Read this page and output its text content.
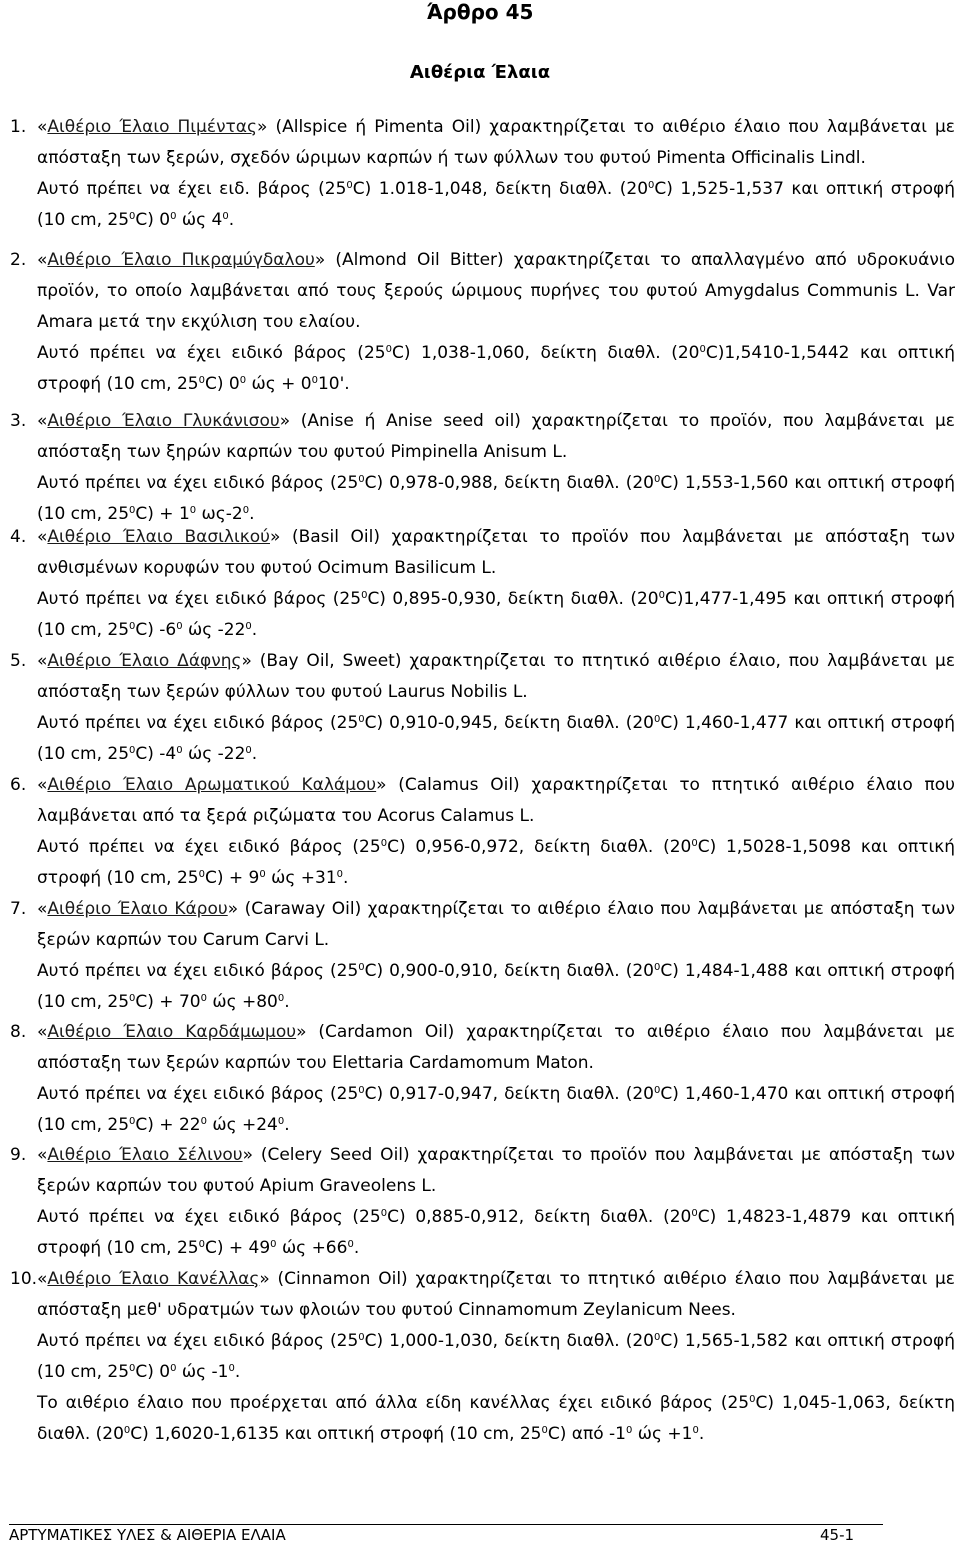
Άρθρο 45
Αιθέρια Έλαια

1. «Αιθέριο Έλαιο Πιμέντας» (Allspice ή Pimenta Oil) χαρακτηρίζεται το αιθέριο έλαιο που λαμβάνεται με απόσταξη των ξερών, σχεδόν ώριμων καρπών ή των φύλλων του φυτού Pimenta Officinalis Lindl.

Αυτό πρέπει να έχει ειδ. βάρος $(25^0C)$ 1.018-1,048, δείκτη διαθλ. $(20^0C)$ 1,525-1,537 και οπτική στροφή (10 cm, $25^0C$) $0^0$ ώς $4^0$.

2. «Αιθέριο Έλαιο Πικραμύγδαλου» (Almond Oil Bitter) χαρακτηρίζεται το απαλλαγμένο από υδροκυάνιο προϊόν, το οποίο λαμβάνεται από τους ξερούς ώριμους πυρήνες του φυτού Amygdalus Communis L. Var Amara μετά την εκχύλιση του ελαίου.

Αυτό πρέπει να έχει ειδικό βάρος $(25^0C)$ 1,038-1,060, δείκτη διαθλ. $(20^0C)1,5410-1,5442$ και οπτική στροφή (10 cm, $25^0C$) $0^0$ $ώ\varsigma + 0^010'$.

3. «Αιθέριο Έλαιο Γλυκάνισου» (Anise ή Anise seed oil) χαρακτηρίζεται το προϊόν, που λαμβάνεται με απόσταξη των ξηρών καρπών του φυτού Pimpinella Anisum L.

Αυτό πρέπει να έχει ειδικό βάρος $(25^0C)$ 0,978-0,988, δείκτη διαθλ. $(20^0C)$ 1,553-1,560 και οπτική στροφή (10 cm, $25^0C) + 1^0$ $\omega\varsigma-2^0$.

4. «Αιθέριο Έλαιο Βασιλικού» (Basil Oil) χαρακτηρίζεται το προϊόν που λαμβάνεται με απόσταξη των ανθισμένων κορυφών του φυτού Ocimum Basilicum L.

Αυτό πρέπει να έχει ειδικό βάρος $(25^0C)$ 0,895-0,930, δείκτη διαθλ. $(20^0C)1,477-1,495$ και οπτική στροφή (10 cm, $25^0C$) $-6^0$ ώς $-22^0$.

5. «Αιθέριο Έλαιο Δάφνης» (Bay Oil, Sweet) χαρακτηρίζεται το πτητικό αιθέριο έλαιο, που λαμβάνεται με απόσταξη των ξερών φύλλων του φυτού Laurus Nobilis L.

Αυτό πρέπει να έχει ειδικό βάρος $(25^0C)$ 0,910-0,945, δείκτη διαθλ. $(20^0C)$ 1,460-1,477 και οπτική στροφή (10 cm, $25^0C$) $-4^0$ ώς $-22^0$.

6. «Αιθέριο Έλαιο Αρωματικού Καλάμου» (Calamus Oil) χαρακτηρίζεται το πτητικό αιθέριο έλαιο που λαμβάνεται από τα ξερά ριζώματα του Acorus Calamus L.

Αυτό πρέπει να έχει ειδικό βάρος $(25^0C)$ 0,956-0,972, δείκτη διαθλ. $(20^0C)$ 1,5028-1,5098 και οπτική στροφή (10 cm, $25^0C) + 9^0$ $ώ\varsigma +31^0$.

7. «Αιθέριο Έλαιο Κάρου» (Caraway Oil) χαρακτηρίζεται το αιθέριο έλαιο που λαμβάνεται με απόσταξη των ξερών καρπών του Carum Carvi L.

Αυτό πρέπει να έχει ειδικό βάρος $(25^0C)$ 0,900-0,910, δείκτη διαθλ. $(20^0C)$ 1,484-1,488 και οπτική στροφή (10 cm, $25^0C) + 70^0$ $ώ\varsigma +80^0$.

8. «Αιθέριο Έλαιο Καρδάμωμου» (Cardamon Oil) χαρακτηρίζεται το αιθέριο έλαιο που λαμβάνεται με απόσταξη των ξερών καρπών του Elettaria Cardamomum Maton.

Αυτό πρέπει να έχει ειδικό βάρος $(25^0C)$ 0,917-0,947, δείκτη διαθλ. $(20^0C)$ 1,460-1,470 και οπτική στροφή (10 cm, $25^0C) + 22^0$ $ώ\varsigma +24^0$.

9. «Αιθέριο Έλαιο Σέλινου» (Celery Seed Oil) χαρακτηρίζεται το προϊόν που λαμβάνεται με απόσταξη των ξερών καρπών του φυτού Apium Graveolens L.

Αυτό πρέπει να έχει ειδικό βάρος $(25^0C)$ 0,885-0,912, δείκτη διαθλ. $(20^0C)$ 1,4823-1,4879 και οπτική στροφή (10 cm, $25^0C) + 49^0$ $ώ\varsigma +66^0$.

10.«Αιθέριο Έλαιο Κανέλλας» (Cinnamon Oil) χαρακτηρίζεται το πτητικό αιθέριο έλαιο που λαμβάνεται με απόσταξη μεθ' υδρατμών των φλοιών του φυτού Cinnamomum Zeylanicum Nees.

Αυτό πρέπει να έχει ειδικό βάρος $(25^0C)$ 1,000-1,030, δείκτη διαθλ. $(20^0C)$ 1,565-1,582 και οπτική στροφή (10 cm, $25^0C$) $0^0$ ώς $-1^0$.

Το αιθέριο έλαιο που προέρχεται από άλλα είδη κανέλλας έχει ειδικό βάρος $(25^0C)$ 1,045-1,063, δείκτη διαθλ. $(20^0C)$ 1,6020-1,6135 και οπτική στροφή (10 cm, $25^0C$) από $-1^0$ $ώ\varsigma +1^0$.

ΑΡΤΥΜΑΤΙΚΕΣ ΥΛΕΣ & ΑΙΘΕΡΙΑ ΕΛΑΙΑ	45-1
